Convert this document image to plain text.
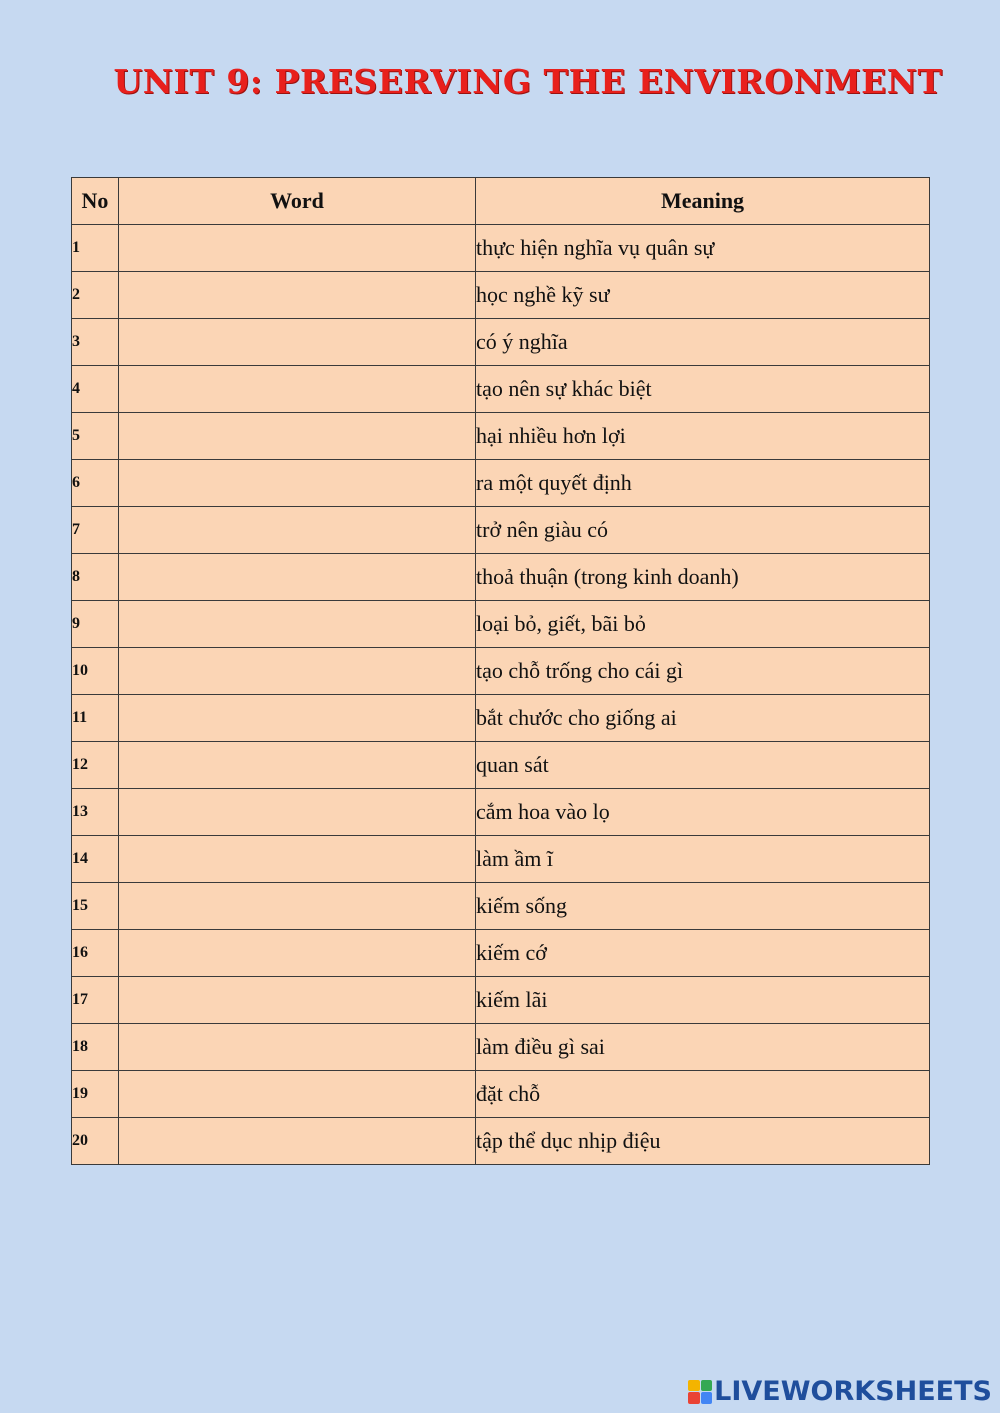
UNIT 9: PRESERVING THE ENVIRONMENT
No	Word	Meaning
1		thực hiện nghĩa vụ quân sự
2		học nghề kỹ sư
3		có ý nghĩa
4		tạo nên sự khác biệt
5		hại nhiều hơn lợi
6		ra một quyết định
7		trở nên giàu có
8		thoả thuận (trong kinh doanh)
9		loại bỏ, giết, bãi bỏ
10		tạo chỗ trống cho cái gì
11		bắt chước cho giống ai
12		quan sát
13		cắm hoa vào lọ
14		làm ầm ĩ
15		kiếm sống
16		kiếm cớ
17		kiếm lãi
18		làm điều gì sai
19		đặt chỗ
20		tập thể dục nhịp điệu
LIVEWORKSHEETS
